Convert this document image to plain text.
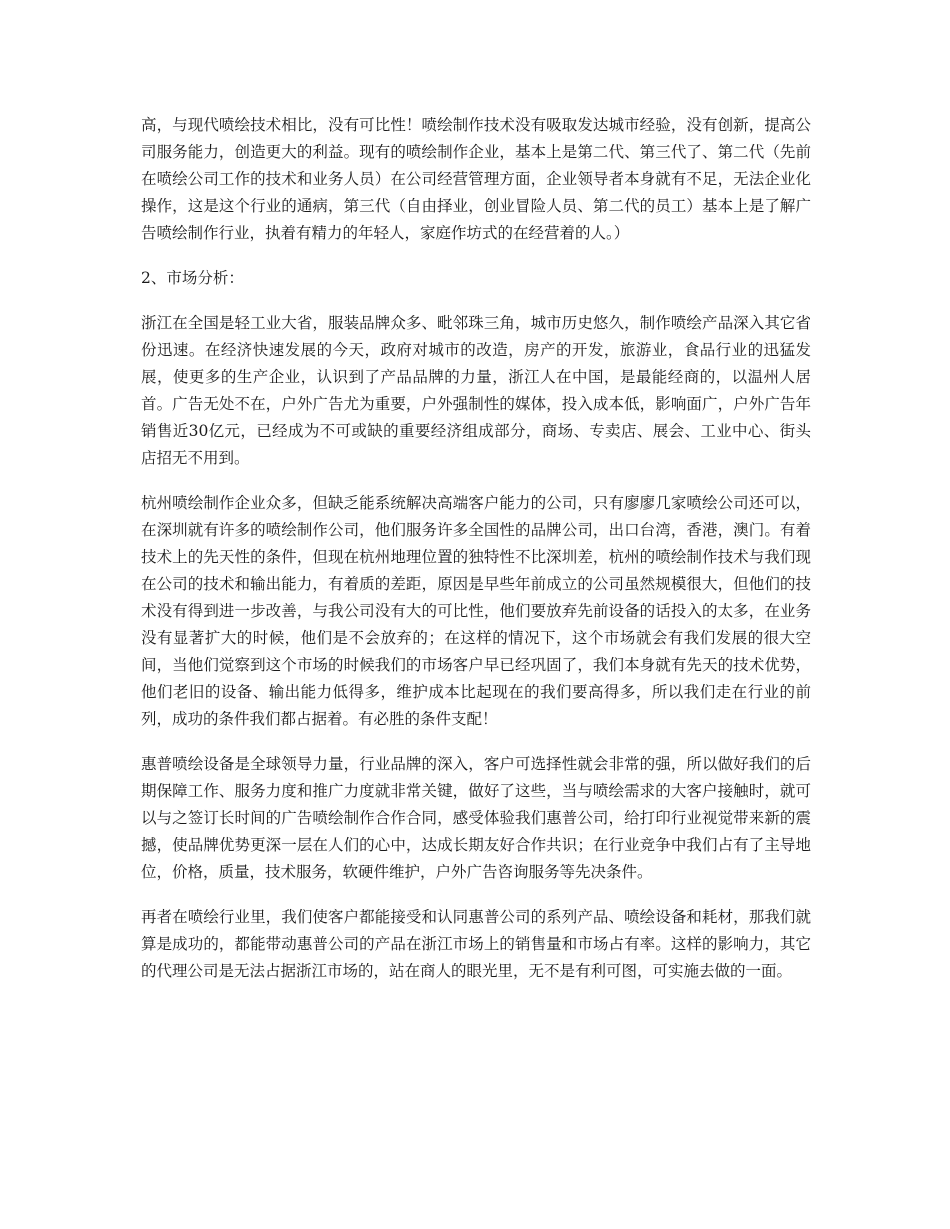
高，与现代喷绘技术相比，没有可比性！喷绘制作技术没有吸取发达城市经验，没有创新，提高公司服务能力，创造更大的利益。现有的喷绘制作企业，基本上是第二代、第三代了、第二代（先前在喷绘公司工作的技术和业务人员）在公司经营管理方面，企业领导者本身就有不足，无法企业化操作，这是这个行业的通病，第三代（自由择业，创业冒险人员、第二代的员工）基本上是了解广告喷绘制作行业，执着有精力的年轻人，家庭作坊式的在经营着的人。）

2、市场分析：

浙江在全国是轻工业大省，服装品牌众多、毗邻珠三角，城市历史悠久，制作喷绘产品深入其它省份迅速。在经济快速发展的今天，政府对城市的改造，房产的开发，旅游业，食品行业的迅猛发展，使更多的生产企业，认识到了产品品牌的力量，浙江人在中国，是最能经商的，以温州人居首。广告无处不在，户外广告尤为重要，户外强制性的媒体，投入成本低，影响面广，户外广告年销售近30亿元，已经成为不可或缺的重要经济组成部分，商场、专卖店、展会、工业中心、街头店招无不用到。

杭州喷绘制作企业众多，但缺乏能系统解决高端客户能力的公司，只有廖廖几家喷绘公司还可以，在深圳就有许多的喷绘制作公司，他们服务许多全国性的品牌公司，出口台湾，香港，澳门。有着技术上的先天性的条件，但现在杭州地理位置的独特性不比深圳差，杭州的喷绘制作技术与我们现在公司的技术和输出能力，有着质的差距，原因是早些年前成立的公司虽然规模很大，但他们的技术没有得到进一步改善，与我公司没有大的可比性，他们要放弃先前设备的话投入的太多，在业务没有显著扩大的时候，他们是不会放弃的；在这样的情况下，这个市场就会有我们发展的很大空间，当他们觉察到这个市场的时候我们的市场客户早已经巩固了，我们本身就有先天的技术优势，他们老旧的设备、输出能力低得多，维护成本比起现在的我们要高得多，所以我们走在行业的前列，成功的条件我们都占据着。有必胜的条件支配！

惠普喷绘设备是全球领导力量，行业品牌的深入，客户可选择性就会非常的强，所以做好我们的后期保障工作、服务力度和推广力度就非常关键，做好了这些，当与喷绘需求的大客户接触时，就可以与之签订长时间的广告喷绘制作合作合同，感受体验我们惠普公司，给打印行业视觉带来新的震撼，使品牌优势更深一层在人们的心中，达成长期友好合作共识；在行业竞争中我们占有了主导地位，价格，质量，技术服务，软硬件维护，户外广告咨询服务等先决条件。

再者在喷绘行业里，我们使客户都能接受和认同惠普公司的系列产品、喷绘设备和耗材，那我们就算是成功的，都能带动惠普公司的产品在浙江市场上的销售量和市场占有率。这样的影响力，其它的代理公司是无法占据浙江市场的，站在商人的眼光里，无不是有利可图，可实施去做的一面。
